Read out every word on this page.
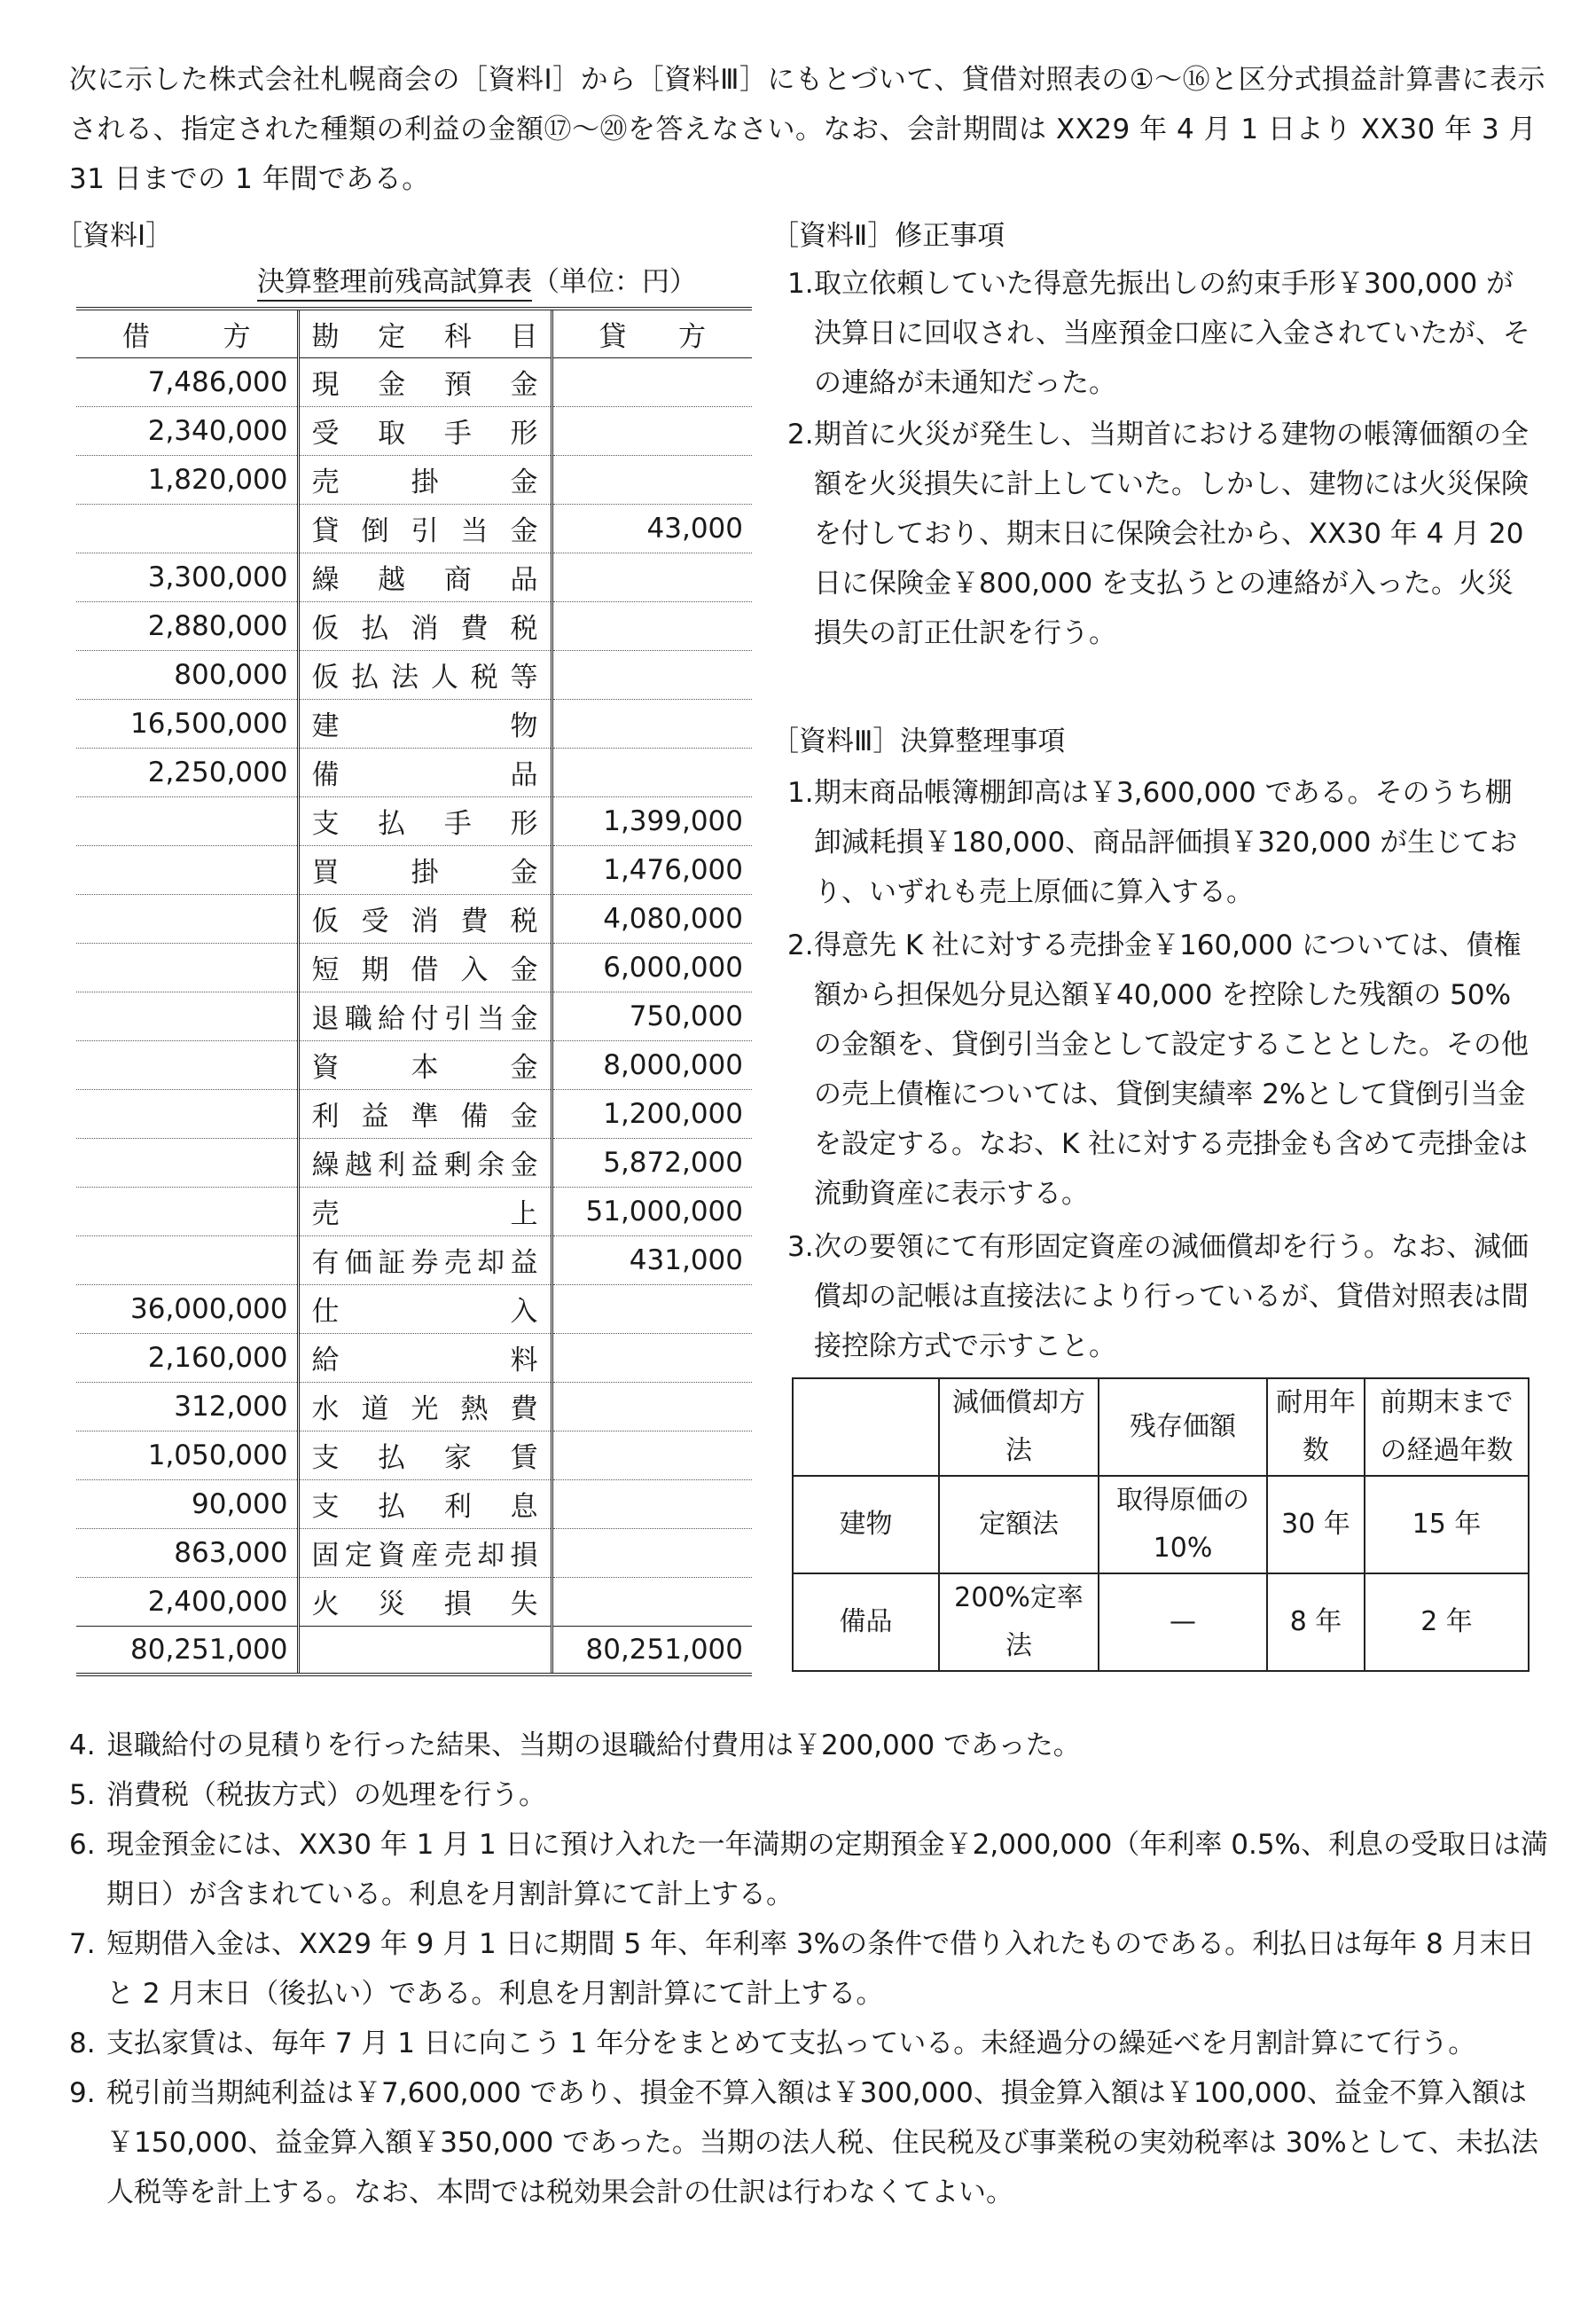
次に示した株式会社札幌商会の［資料Ⅰ］から［資料Ⅲ］にもとづいて、貸借対照表の①〜⑯と区分式損益計算書に表示される、指定された種類の利益の金額⑰〜⑳を答えなさい。なお、会計期間は XX29 年 4 月 1 日より XX30 年 3 月 31 日までの 1 年間である。
［資料Ⅰ］
決算整理前残高試算表（単位：円）
借方	勘定科目	貸方
7,486,000	現金預金	
2,340,000	受取手形	
1,820,000	売掛金	
	貸倒引当金	43,000
3,300,000	繰越商品	
2,880,000	仮払消費税	
800,000	仮払法人税等	
16,500,000	建物	
2,250,000	備品	
	支払手形	1,399,000
	買掛金	1,476,000
	仮受消費税	4,080,000
	短期借入金	6,000,000
	退職給付引当金	750,000
	資本金	8,000,000
	利益準備金	1,200,000
	繰越利益剰余金	5,872,000
	売上	51,000,000
	有価証券売却益	431,000
36,000,000	仕入	
2,160,000	給料	
312,000	水道光熱費	
1,050,000	支払家賃	
90,000	支払利息	
863,000	固定資産売却損	
2,400,000	火災損失	
80,251,000		80,251,000
［資料Ⅱ］修正事項
1. 取立依頼していた得意先振出しの約束手形￥300,000 が決算日に回収され、当座預金口座に入金されていたが、その連絡が未通知だった。
2. 期首に火災が発生し、当期首における建物の帳簿価額の全額を火災損失に計上していた。しかし、建物には火災保険を付しており、期末日に保険会社から、XX30 年 4 月 20 日に保険金￥800,000 を支払うとの連絡が入った。火災損失の訂正仕訳を行う。
［資料Ⅲ］決算整理事項
1. 期末商品帳簿棚卸高は￥3,600,000 である。そのうち棚卸減耗損￥180,000、商品評価損￥320,000 が生じており、いずれも売上原価に算入する。
2. 得意先 K 社に対する売掛金￥160,000 については、債権額から担保処分見込額￥40,000 を控除した残額の 50%の金額を、貸倒引当金として設定することとした。その他の売上債権については、貸倒実績率 2%として貸倒引当金を設定する。なお、K 社に対する売掛金も含めて売掛金は流動資産に表示する。
3. 次の要領にて有形固定資産の減価償却を行う。なお、減価償却の記帳は直接法により行っているが、貸借対照表は間接控除方式で示すこと。
	減価償却方法	残存価額	耐用年数	前期末までの経過年数
建物	定額法	取得原価の 10%	30 年	15 年
備品	200%定率法	—	8 年	2 年
4. 退職給付の見積りを行った結果、当期の退職給付費用は￥200,000 であった。
5. 消費税（税抜方式）の処理を行う。
6. 現金預金には、XX30 年 1 月 1 日に預け入れた一年満期の定期預金￥2,000,000（年利率 0.5%、利息の受取日は満期日）が含まれている。利息を月割計算にて計上する。
7. 短期借入金は、XX29 年 9 月 1 日に期間 5 年、年利率 3%の条件で借り入れたものである。利払日は毎年 8 月末日と 2 月末日（後払い）である。利息を月割計算にて計上する。
8. 支払家賃は、毎年 7 月 1 日に向こう 1 年分をまとめて支払っている。未経過分の繰延べを月割計算にて行う。
9. 税引前当期純利益は￥7,600,000 であり、損金不算入額は￥300,000、損金算入額は￥100,000、益金不算入額は￥150,000、益金算入額￥350,000 であった。当期の法人税、住民税及び事業税の実効税率は 30%として、未払法人税等を計上する。なお、本問では税効果会計の仕訳は行わなくてよい。
